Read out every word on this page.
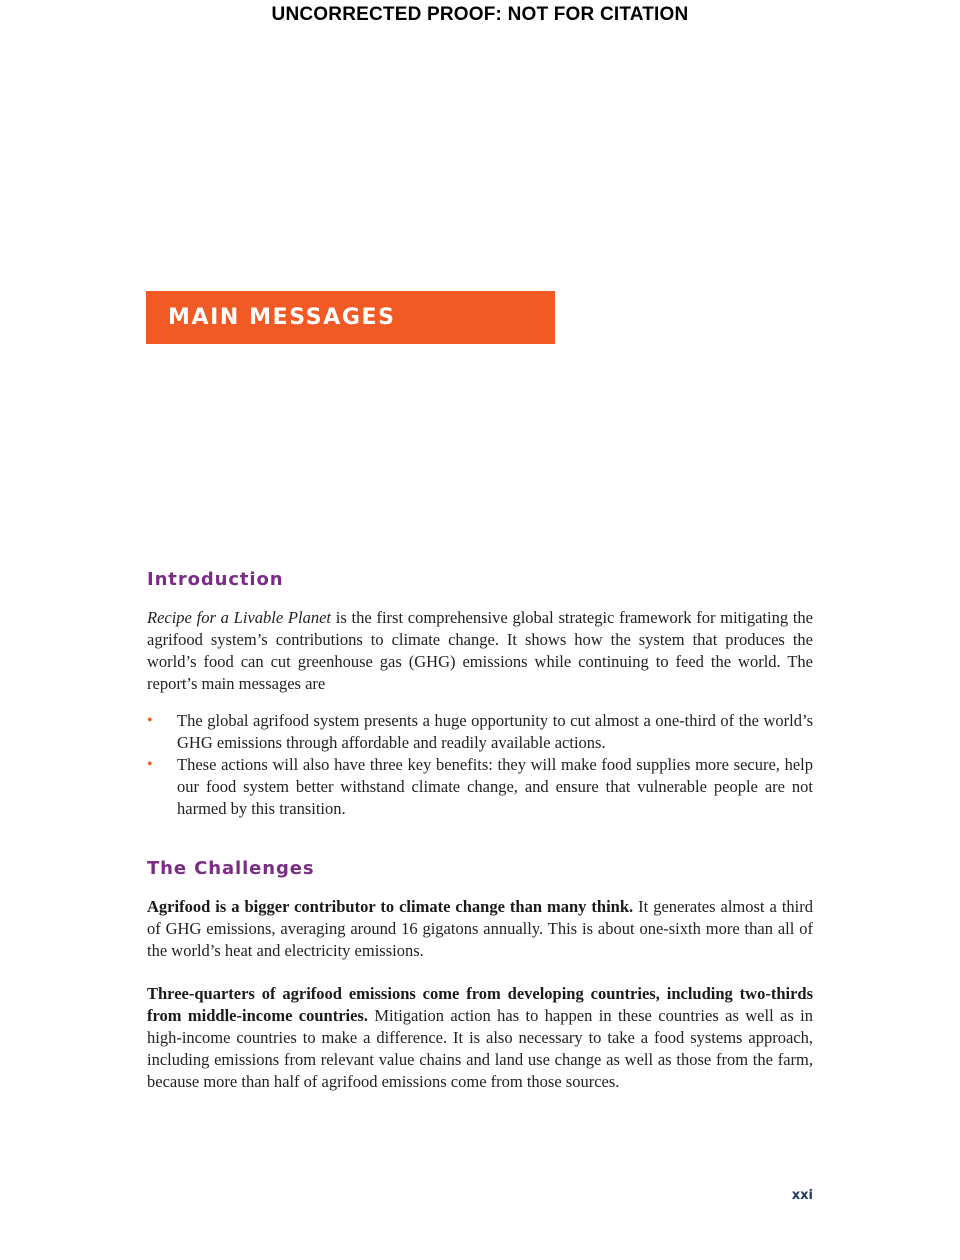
UNCORRECTED PROOF: NOT FOR CITATION
MAIN MESSAGES
Introduction

Recipe for a Livable Planet is the first comprehensive global strategic framework for mitigating the agrifood system’s contributions to climate change. It shows how the system that produces the world’s food can cut greenhouse gas (GHG) emissions while continuing to feed the world. The report’s main messages are

• The global agrifood system presents a huge opportunity to cut almost a one-third of the world’s GHG emissions through affordable and readily available actions.
• These actions will also have three key benefits: they will make food supplies more secure, help our food system better withstand climate change, and ensure that vulnerable people are not harmed by this transition.
The Challenges

Agrifood is a bigger contributor to climate change than many think. It generates almost a third of GHG emissions, averaging around 16 gigatons annually. This is about one-sixth more than all of the world’s heat and electricity emissions.

Three-quarters of agrifood emissions come from developing countries, including two-thirds from middle-income countries. Mitigation action has to happen in these countries as well as in high-income countries to make a difference. It is also necessary to take a food systems approach, including emissions from relevant value chains and land use change as well as those from the farm, because more than half of agrifood emissions come from those sources.

xxi
